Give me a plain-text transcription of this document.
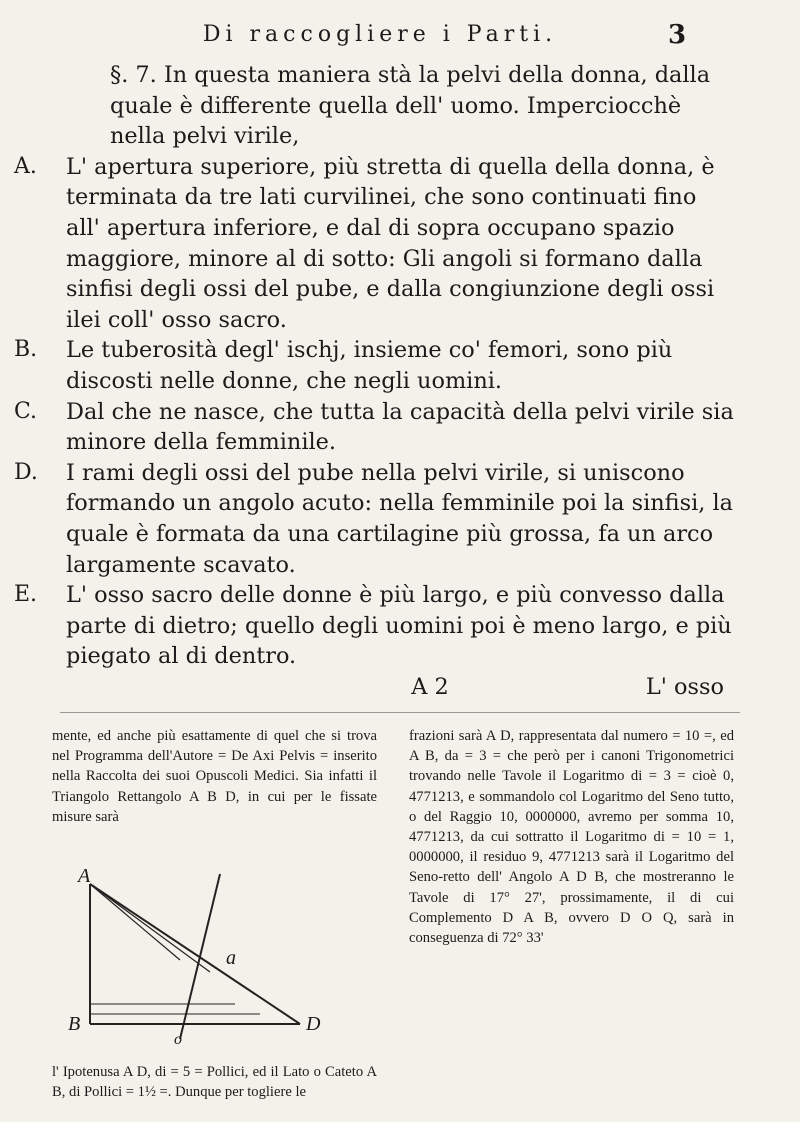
Di raccogliere i Parti.	3

§. 7. In questa maniera stà la pelvi della donna, dalla quale è differente quella dell' uomo. Imperciocchè nella pelvi virile,

A.	L' apertura superiore, più stretta di quella della donna, è terminata da tre lati curvilinei, che sono continuati fino all' apertura inferiore, e dal di sopra occupano spazio maggiore, minore al di sotto: Gli angoli si formano dalla sinfisi degli ossi del pube, e dalla congiunzione degli ossi ilei coll' osso sacro.

B.	Le tuberosità degl' ischj, insieme co' femori, sono più discosti nelle donne, che negli uomini.

C.	Dal che ne nasce, che tutta la capacità della pelvi virile sia minore della femminile.

D. I rami degli ossi del pube nella pelvi virile, si uniscono formando un angolo acuto: nella femminile poi la sinfisi, la quale è formata da una cartilagine più grossa, fa un arco largamente scavato.

E.	L' osso sacro delle donne è più largo, e più convesso dalla parte di dietro; quello degli uomini poi è meno largo, e più piegato al di dentro.

A 2	L' osso

mente, ed anche più esattamente di quel che si trova nel Programma dell'Autore = De Axi Pelvis = inserito nella Raccolta dei suoi Opuscoli Medici. Sia infatti il Triangolo Rettangolo A B D, in cui per le fissate misure sarà

A
a
B
o
D

l' Ipotenusa A D, di = 5 = Pollici, ed il Lato o Cateto A B, di Pollici = 1½ =. Dunque per togliere le

frazioni sarà A D, rappresentata dal numero = 10 =, ed A B, da = 3 = che però per i canoni Trigonometrici trovando nelle Tavole il Logaritmo di = 3 = cioè 0, 4771213, e sommandolo col Logaritmo del Seno tutto, o del Raggio 10, 0000000, avremo per somma 10, 4771213, da cui sottratto il Logaritmo di = 10 = 1, 0000000, il residuo 9, 4771213 sarà il Logaritmo del Seno-retto dell' Angolo A D B, che mostreranno le Tavole di 17° 27', prossimamente, il di cui Complemento D A B, ovvero D O Q, sarà in conseguenza di 72° 33'
